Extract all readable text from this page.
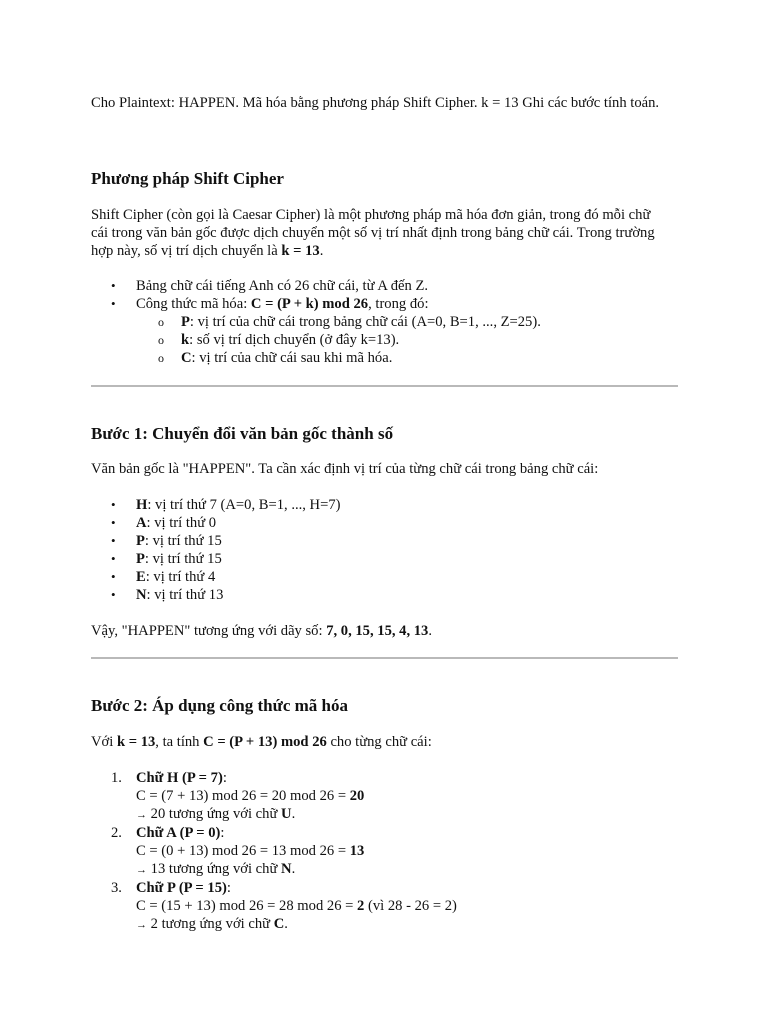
Cho Plaintext: HAPPEN. Mã hóa bằng phương pháp Shift Cipher. k = 13 Ghi các bước tính toán.

Phương pháp Shift Cipher

Shift Cipher (còn gọi là Caesar Cipher) là một phương pháp mã hóa đơn giản, trong đó mỗi chữ

cái trong văn bản gốc được dịch chuyển một số vị trí nhất định trong bảng chữ cái. Trong trường

hợp này, số vị trí dịch chuyển là k = 13.

• Bảng chữ cái tiếng Anh có 26 chữ cái, từ A đến Z.
• Công thức mã hóa: C = (P + k) mod 26, trong đó:
o P: vị trí của chữ cái trong bảng chữ cái (A=0, B=1, ..., Z=25).
o k: số vị trí dịch chuyển (ở đây k=13).
o C: vị trí của chữ cái sau khi mã hóa.
Bước 1: Chuyển đổi văn bản gốc thành số

Văn bản gốc là "HAPPEN". Ta cần xác định vị trí của từng chữ cái trong bảng chữ cái:

• H: vị trí thứ 7 (A=0, B=1, ..., H=7)
• A: vị trí thứ 0
• P: vị trí thứ 15
• P: vị trí thứ 15
• E: vị trí thứ 4
• N: vị trí thứ 13

Vậy, "HAPPEN" tương ứng với dãy số: 7, 0, 15, 15, 4, 13.

Bước 2: Áp dụng công thức mã hóa

Với k = 13, ta tính C = (P + 13) mod 26 cho từng chữ cái:

1. Chữ H (P = 7):
C = (7 + 13) mod 26 = 20 mod 26 = 20
→ 20 tương ứng với chữ U.
2. Chữ A (P = 0):
C = (0 + 13) mod 26 = 13 mod 26 = 13
→ 13 tương ứng với chữ N.
3. Chữ P (P = 15):
C = (15 + 13) mod 26 = 28 mod 26 = 2 (vì 28 - 26 = 2)
→ 2 tương ứng với chữ C.
